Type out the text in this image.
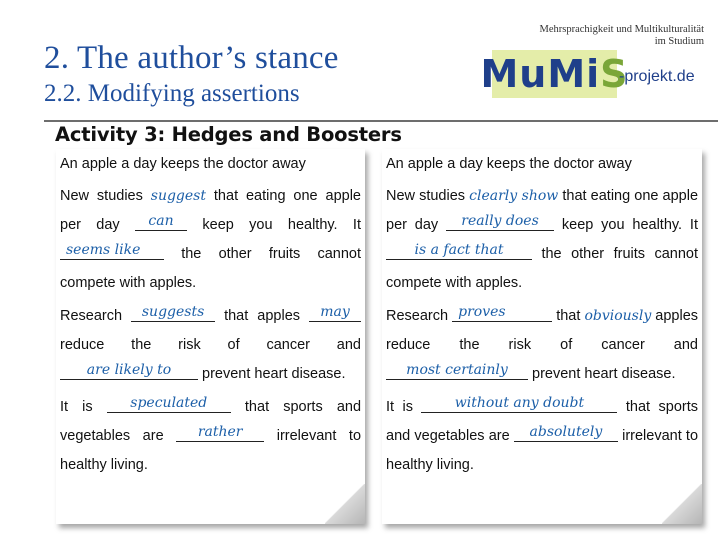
2. The author’s stance
2.2. Modifying assertions
Mehrsprachigkeit und Multikulturalität
im Studium
MuMiS
-projekt.de
Activity 3: Hedges and Boosters
An apple a day keeps the doctor away

New studies suggest that eating one apple per day	can	keep you healthy. It
seems like	the other fruits cannot compete with apples.

Research	suggests	that apples	may
reduce the risk of cancer and
are likely to	prevent heart disease.

It is	speculated	that sports and vegetables are	rather	irrelevant to healthy living.

An apple a day keeps the doctor away

New studies clearly show that eating one apple per day	really does	keep you healthy. It
is a fact that	the other fruits cannot compete with apples.

Research proves	that obviously apples reduce the risk of cancer and
most certainly	prevent heart disease.

It is	without any doubt	that sports and vegetables are	absolutely	irrelevant to healthy living.
